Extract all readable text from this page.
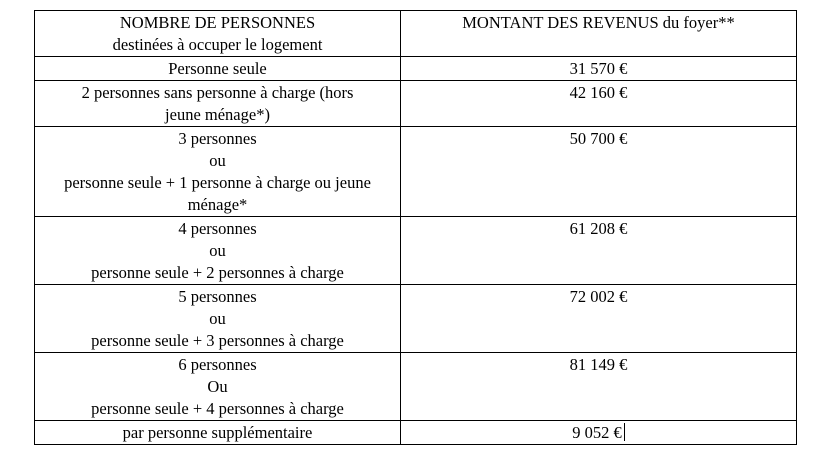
NOMBRE DE PERSONNES
destinées à occuper le logement	MONTANT DES REVENUS du foyer**

Personne seule	31 570 €

2 personnes sans personne à charge (hors
jeune ménage*)	42 160 €

3 personnes
ou
personne seule + 1 personne à charge ou jeune
ménage*	50 700 €

4 personnes
ou
personne seule + 2 personnes à charge	61 208 €

5 personnes
ou
personne seule + 3 personnes à charge	72 002 €

6 personnes
Ou
personne seule + 4 personnes à charge	81 149 €

par personne supplémentaire	9 052 €
